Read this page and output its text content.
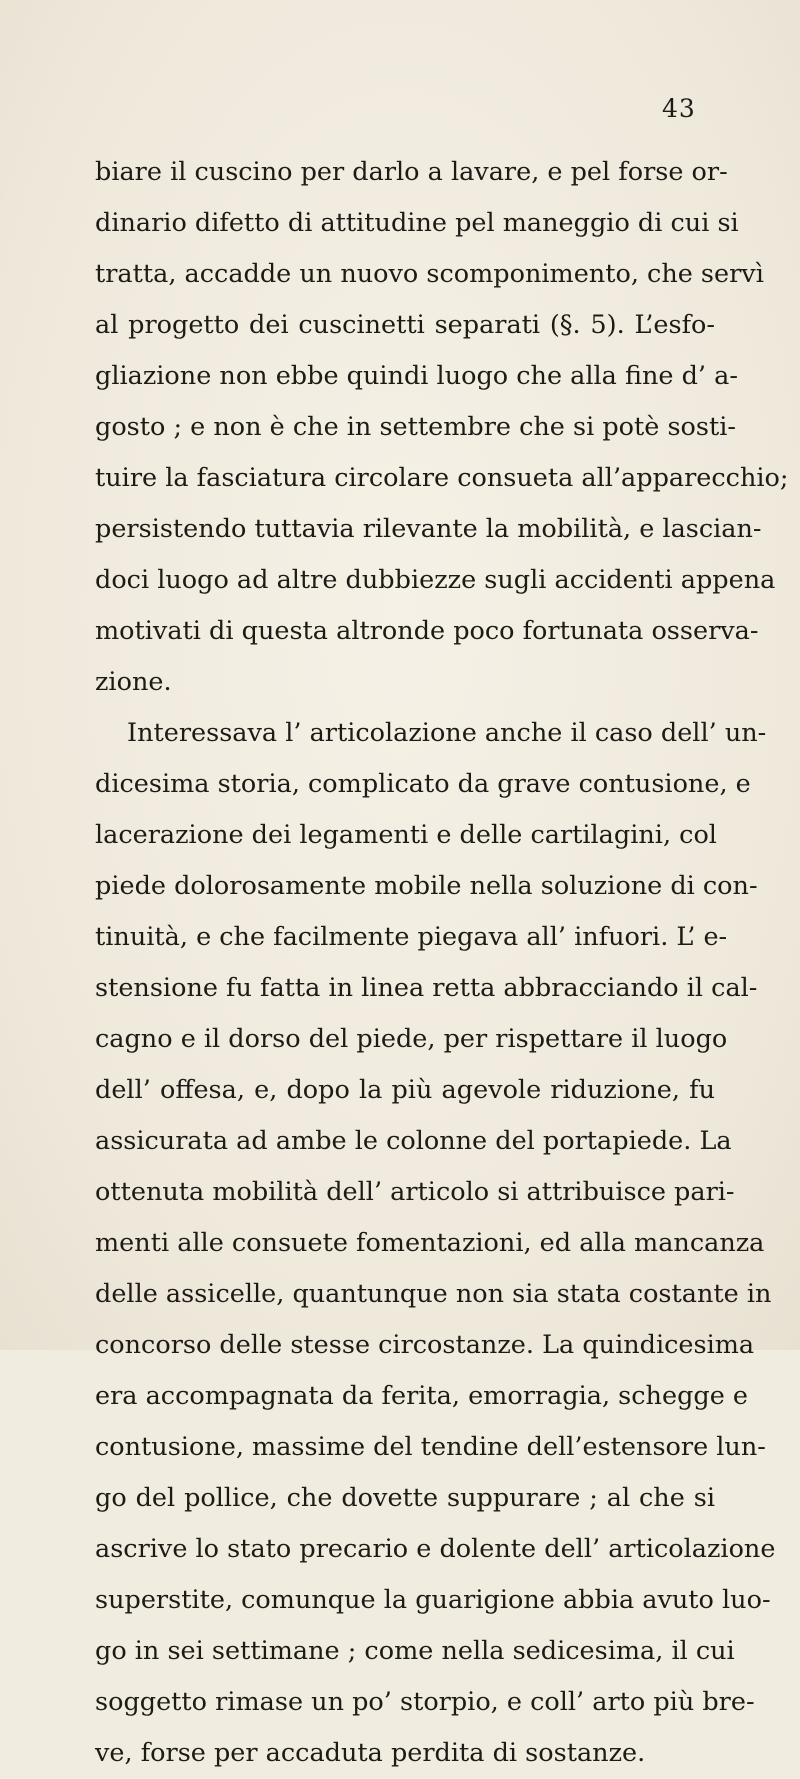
43
biare il cuscino per darlo a lavare, e pel forse or-
dinario difetto di attitudine pel maneggio di cui si
tratta, accadde un nuovo scomponimento, che servì
al progetto dei cuscinetti separati (§. 5). L’esfo-
gliazione non ebbe quindi luogo che alla fine d’ a-
gosto ; e non è che in settembre che si potè sosti-
tuire la fasciatura circolare consueta all’apparecchio;
persistendo tuttavia rilevante la mobilità, e lascian-
doci luogo ad altre dubbiezze sugli accidenti appena
motivati di questa altronde poco fortunata osserva-
zione.
Interessava l’ articolazione anche il caso dell’ un-
dicesima storia, complicato da grave contusione, e
lacerazione dei legamenti e delle cartilagini, col
piede dolorosamente mobile nella soluzione di con-
tinuità, e che facilmente piegava all’ infuori. L’ e-
stensione fu fatta in linea retta abbracciando il cal-
cagno e il dorso del piede, per rispettare il luogo
dell’ offesa, e, dopo la più agevole riduzione, fu
assicurata ad ambe le colonne del portapiede. La
ottenuta mobilità dell’ articolo si attribuisce pari-
menti alle consuete fomentazioni, ed alla mancanza
delle assicelle, quantunque non sia stata costante in
concorso delle stesse circostanze. La quindicesima
era accompagnata da ferita, emorragia, schegge e
contusione, massime del tendine dell’estensore lun-
go del pollice, che dovette suppurare ; al che si
ascrive lo stato precario e dolente dell’ articolazione
superstite, comunque la guarigione abbia avuto luo-
go in sei settimane ; come nella sedicesima, il cui
soggetto rimase un po’ storpio, e coll’ arto più bre-
ve, forse per accaduta perdita di sostanze.
